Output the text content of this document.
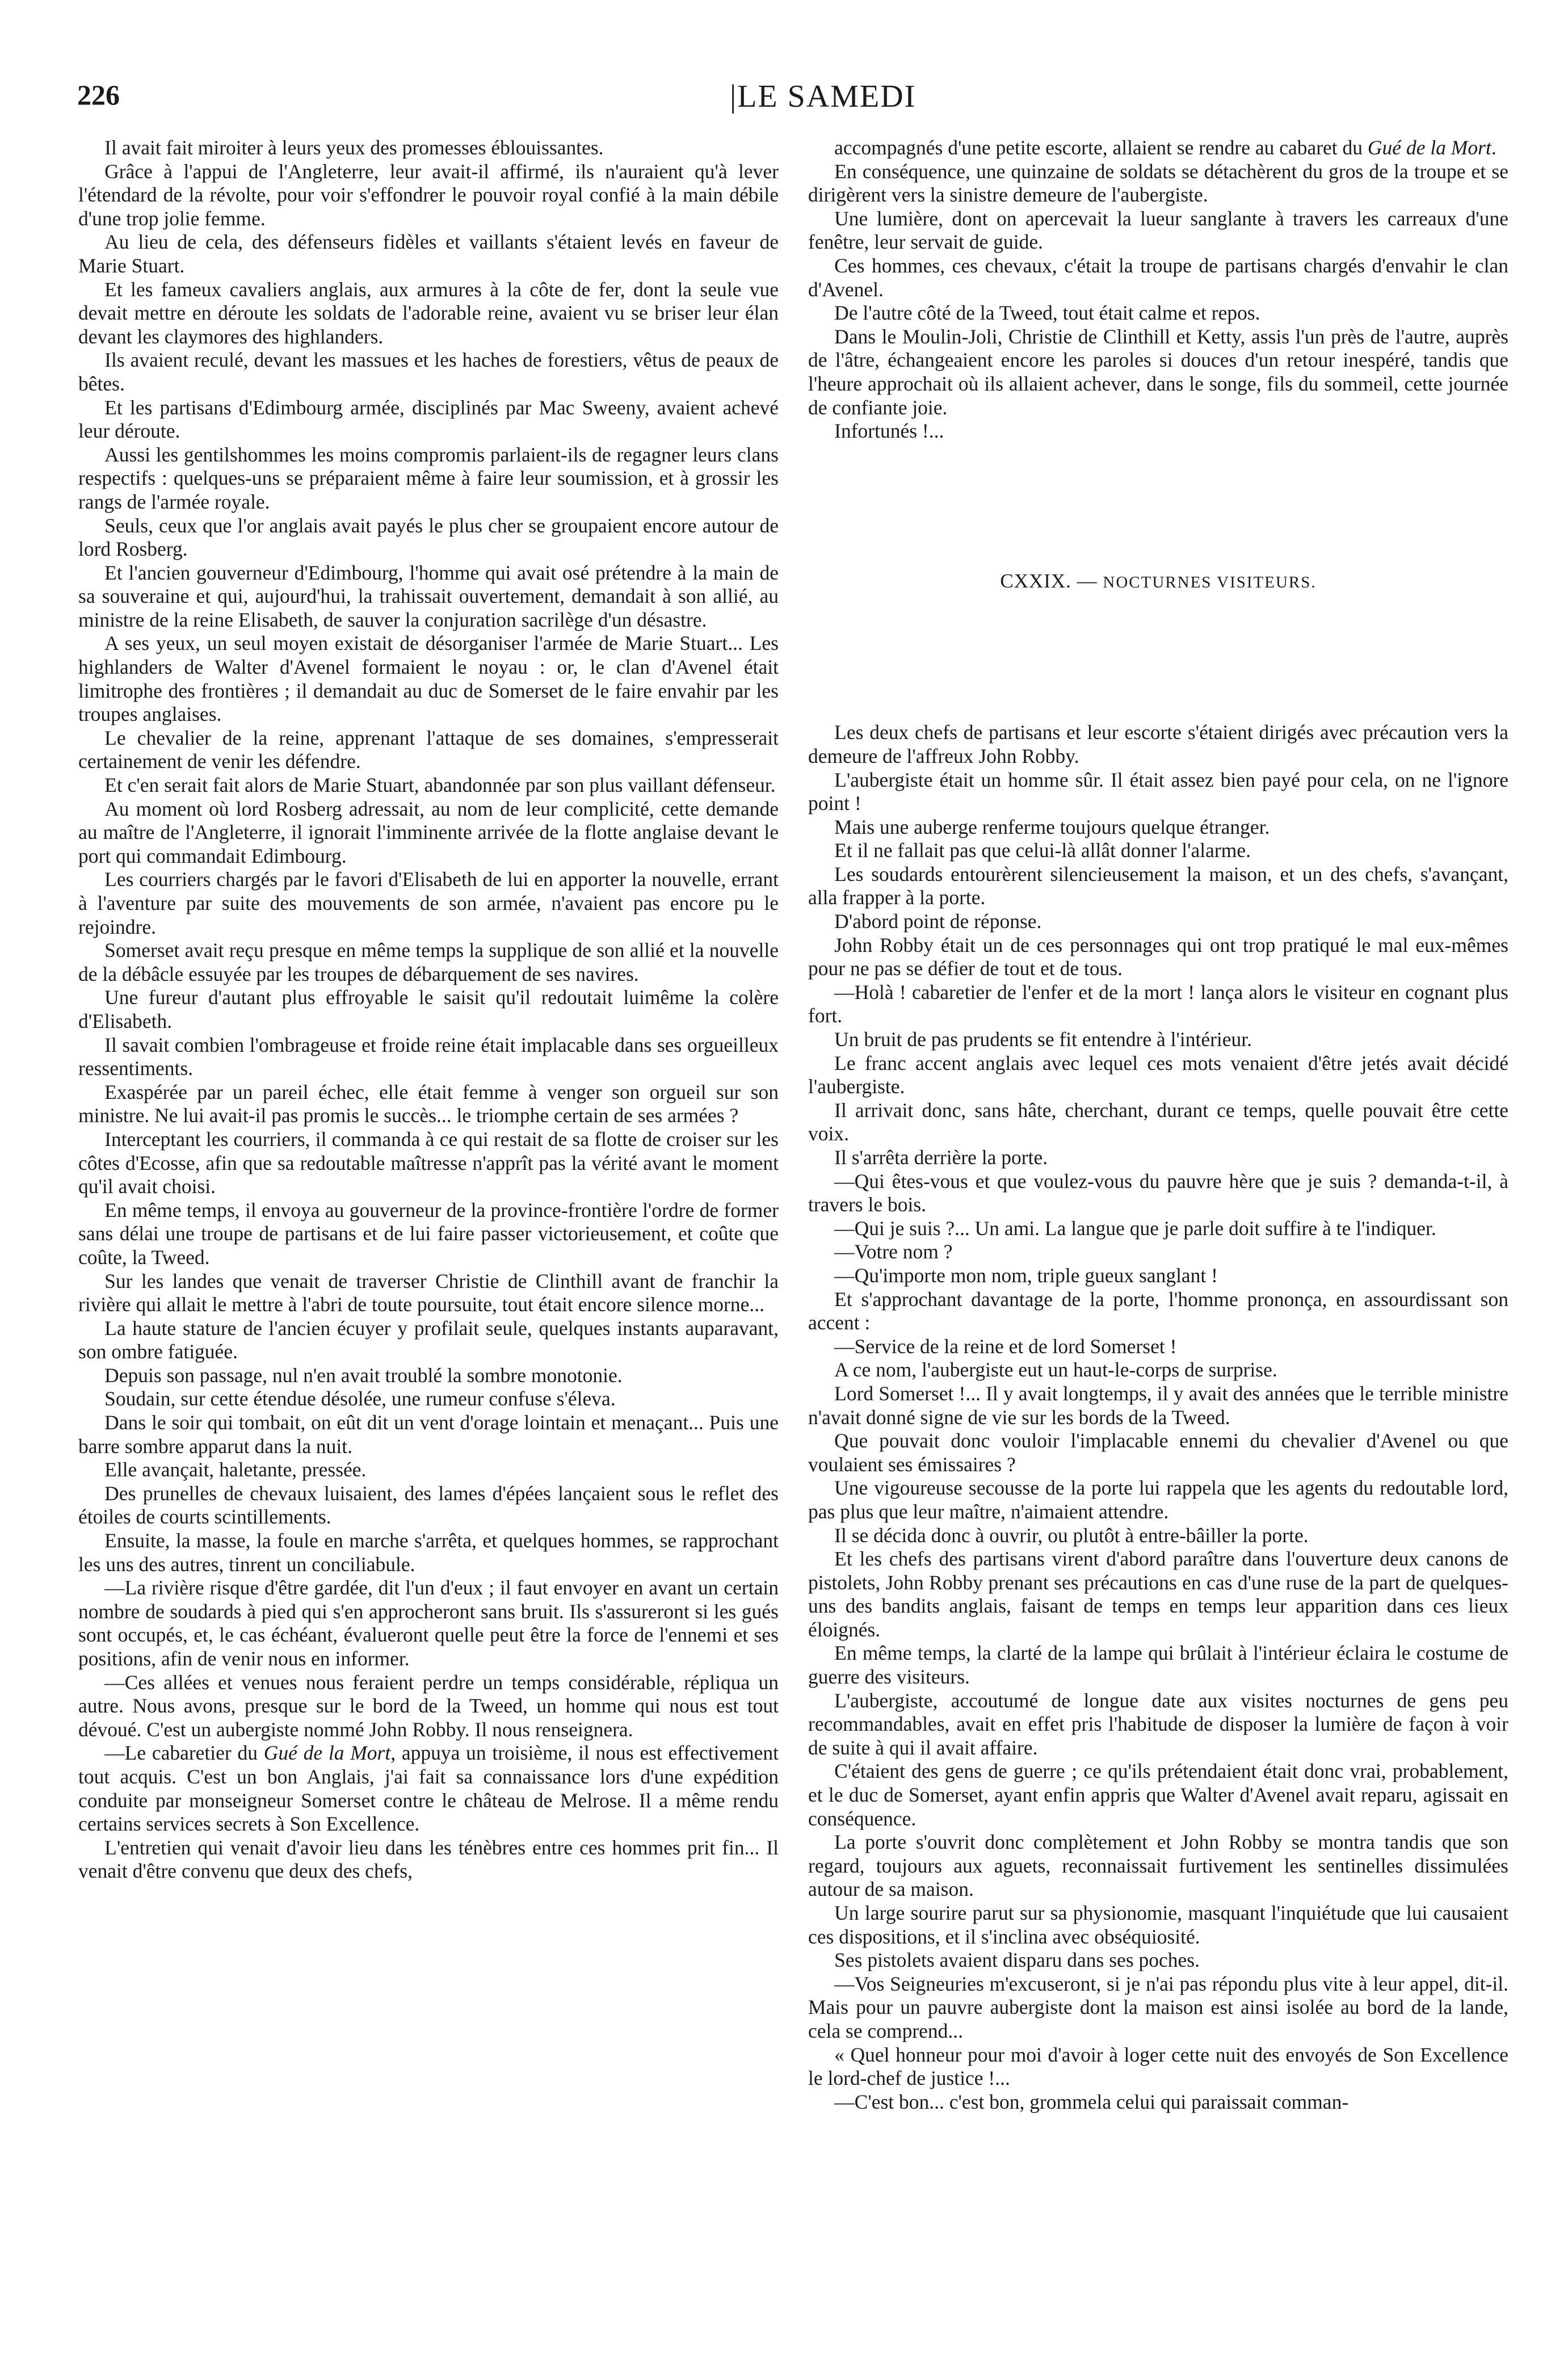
226	|LE SAMEDI

Il avait fait miroiter à leurs yeux des promesses éblouissantes.

Grâce à l'appui de l'Angleterre, leur avait-il affirmé, ils n'auraient qu'à lever l'étendard de la révolte, pour voir s'effondrer le pouvoir royal confié à la main débile d'une trop jolie femme.

Au lieu de cela, des défenseurs fidèles et vaillants s'étaient levés en faveur de Marie Stuart.

Et les fameux cavaliers anglais, aux armures à la côte de fer, dont la seule vue devait mettre en déroute les soldats de l'adorable reine, avaient vu se briser leur élan devant les claymores des highlanders.

Ils avaient reculé, devant les massues et les haches de forestiers, vêtus de peaux de bêtes.

Et les partisans d'Edimbourg armée, disciplinés par Mac Sweeny, avaient achevé leur déroute.

Aussi les gentilshommes les moins compromis parlaient-ils de regagner leurs clans respectifs : quelques-uns se préparaient même à faire leur soumission, et à grossir les rangs de l'armée royale.

Seuls, ceux que l'or anglais avait payés le plus cher se groupaient encore autour de lord Rosberg.

Et l'ancien gouverneur d'Edimbourg, l'homme qui avait osé prétendre à la main de sa souveraine et qui, aujourd'hui, la trahissait ouvertement, demandait à son allié, au ministre de la reine Elisabeth, de sauver la conjuration sacrilège d'un désastre.

A ses yeux, un seul moyen existait de désorganiser l'armée de Marie Stuart... Les highlanders de Walter d'Avenel formaient le noyau : or, le clan d'Avenel était limitrophe des frontières ; il demandait au duc de Somerset de le faire envahir par les troupes anglaises.

Le chevalier de la reine, apprenant l'attaque de ses domaines, s'empresserait certainement de venir les défendre.

Et c'en serait fait alors de Marie Stuart, abandonnée par son plus vaillant défenseur.

Au moment où lord Rosberg adressait, au nom de leur complicité, cette demande au maître de l'Angleterre, il ignorait l'imminente arrivée de la flotte anglaise devant le port qui commandait Edimbourg.

Les courriers chargés par le favori d'Elisabeth de lui en apporter la nouvelle, errant à l'aventure par suite des mouvements de son armée, n'avaient pas encore pu le rejoindre.

Somerset avait reçu presque en même temps la supplique de son allié et la nouvelle de la débâcle essuyée par les troupes de débarquement de ses navires.

Une fureur d'autant plus effroyable le saisit qu'il redoutait luimême la colère d'Elisabeth.

Il savait combien l'ombrageuse et froide reine était implacable dans ses orgueilleux ressentiments.

Exaspérée par un pareil échec, elle était femme à venger son orgueil sur son ministre. Ne lui avait-il pas promis le succès... le triomphe certain de ses armées ?

Interceptant les courriers, il commanda à ce qui restait de sa flotte de croiser sur les côtes d'Ecosse, afin que sa redoutable maîtresse n'apprît pas la vérité avant le moment qu'il avait choisi.

En même temps, il envoya au gouverneur de la province-frontière l'ordre de former sans délai une troupe de partisans et de lui faire passer victorieusement, et coûte que coûte, la Tweed.

Sur les landes que venait de traverser Christie de Clinthill avant de franchir la rivière qui allait le mettre à l'abri de toute poursuite, tout était encore silence morne...

La haute stature de l'ancien écuyer y profilait seule, quelques instants auparavant, son ombre fatiguée.

Depuis son passage, nul n'en avait troublé la sombre monotonie.

Soudain, sur cette étendue désolée, une rumeur confuse s'éleva.

Dans le soir qui tombait, on eût dit un vent d'orage lointain et menaçant... Puis une barre sombre apparut dans la nuit.

Elle avançait, haletante, pressée.

Des prunelles de chevaux luisaient, des lames d'épées lançaient sous le reflet des étoiles de courts scintillements.

Ensuite, la masse, la foule en marche s'arrêta, et quelques hommes, se rapprochant les uns des autres, tinrent un conciliabule.

—La rivière risque d'être gardée, dit l'un d'eux ; il faut envoyer en avant un certain nombre de soudards à pied qui s'en approcheront sans bruit. Ils s'assureront si les gués sont occupés, et, le cas échéant, évalueront quelle peut être la force de l'ennemi et ses positions, afin de venir nous en informer.

—Ces allées et venues nous feraient perdre un temps considérable, répliqua un autre. Nous avons, presque sur le bord de la Tweed, un homme qui nous est tout dévoué. C'est un aubergiste nommé John Robby. Il nous renseignera.

—Le cabaretier du Gué de la Mort, appuya un troisième, il nous est effectivement tout acquis. C'est un bon Anglais, j'ai fait sa connaissance lors d'une expédition conduite par monseigneur Somerset contre le château de Melrose. Il a même rendu certains services secrets à Son Excellence.

L'entretien qui venait d'avoir lieu dans les ténèbres entre ces hommes prit fin... Il venait d'être convenu que deux des chefs,

accompagnés d'une petite escorte, allaient se rendre au cabaret du Gué de la Mort.

En conséquence, une quinzaine de soldats se détachèrent du gros de la troupe et se dirigèrent vers la sinistre demeure de l'aubergiste.

Une lumière, dont on apercevait la lueur sanglante à travers les carreaux d'une fenêtre, leur servait de guide.

Ces hommes, ces chevaux, c'était la troupe de partisans chargés d'envahir le clan d'Avenel.

De l'autre côté de la Tweed, tout était calme et repos.

Dans le Moulin-Joli, Christie de Clinthill et Ketty, assis l'un près de l'autre, auprès de l'âtre, échangeaient encore les paroles si douces d'un retour inespéré, tandis que l'heure approchait où ils allaient achever, dans le songe, fils du sommeil, cette journée de confiante joie.

Infortunés !...

CXXIX. — NOCTURNES VISITEURS.

Les deux chefs de partisans et leur escorte s'étaient dirigés avec précaution vers la demeure de l'affreux John Robby.

L'aubergiste était un homme sûr. Il était assez bien payé pour cela, on ne l'ignore point !

Mais une auberge renferme toujours quelque étranger.

Et il ne fallait pas que celui-là allât donner l'alarme.

Les soudards entourèrent silencieusement la maison, et un des chefs, s'avançant, alla frapper à la porte.

D'abord point de réponse.

John Robby était un de ces personnages qui ont trop pratiqué le mal eux-mêmes pour ne pas se défier de tout et de tous.

—Holà ! cabaretier de l'enfer et de la mort ! lança alors le visiteur en cognant plus fort.

Un bruit de pas prudents se fit entendre à l'intérieur.

Le franc accent anglais avec lequel ces mots venaient d'être jetés avait décidé l'aubergiste.

Il arrivait donc, sans hâte, cherchant, durant ce temps, quelle pouvait être cette voix.

Il s'arrêta derrière la porte.

—Qui êtes-vous et que voulez-vous du pauvre hère que je suis ? demanda-t-il, à travers le bois.

—Qui je suis ?... Un ami. La langue que je parle doit suffire à te l'indiquer.

—Votre nom ?

—Qu'importe mon nom, triple gueux sanglant !

Et s'approchant davantage de la porte, l'homme prononça, en assourdissant son accent :

—Service de la reine et de lord Somerset !

A ce nom, l'aubergiste eut un haut-le-corps de surprise.

Lord Somerset !... Il y avait longtemps, il y avait des années que le terrible ministre n'avait donné signe de vie sur les bords de la Tweed.

Que pouvait donc vouloir l'implacable ennemi du chevalier d'Avenel ou que voulaient ses émissaires ?

Une vigoureuse secousse de la porte lui rappela que les agents du redoutable lord, pas plus que leur maître, n'aimaient attendre.

Il se décida donc à ouvrir, ou plutôt à entre-bâiller la porte.

Et les chefs des partisans virent d'abord paraître dans l'ouverture deux canons de pistolets, John Robby prenant ses précautions en cas d'une ruse de la part de quelques-uns des bandits anglais, faisant de temps en temps leur apparition dans ces lieux éloignés.

En même temps, la clarté de la lampe qui brûlait à l'intérieur éclaira le costume de guerre des visiteurs.

L'aubergiste, accoutumé de longue date aux visites nocturnes de gens peu recommandables, avait en effet pris l'habitude de disposer la lumière de façon à voir de suite à qui il avait affaire.

C'étaient des gens de guerre ; ce qu'ils prétendaient était donc vrai, probablement, et le duc de Somerset, ayant enfin appris que Walter d'Avenel avait reparu, agissait en conséquence.

La porte s'ouvrit donc complètement et John Robby se montra tandis que son regard, toujours aux aguets, reconnaissait furtivement les sentinelles dissimulées autour de sa maison.

Un large sourire parut sur sa physionomie, masquant l'inquiétude que lui causaient ces dispositions, et il s'inclina avec obséquiosité.

Ses pistolets avaient disparu dans ses poches.

—Vos Seigneuries m'excuseront, si je n'ai pas répondu plus vite à leur appel, dit-il. Mais pour un pauvre aubergiste dont la maison est ainsi isolée au bord de la lande, cela se comprend...

« Quel honneur pour moi d'avoir à loger cette nuit des envoyés de Son Excellence le lord-chef de justice !...

—C'est bon... c'est bon, grommela celui qui paraissait comman-
